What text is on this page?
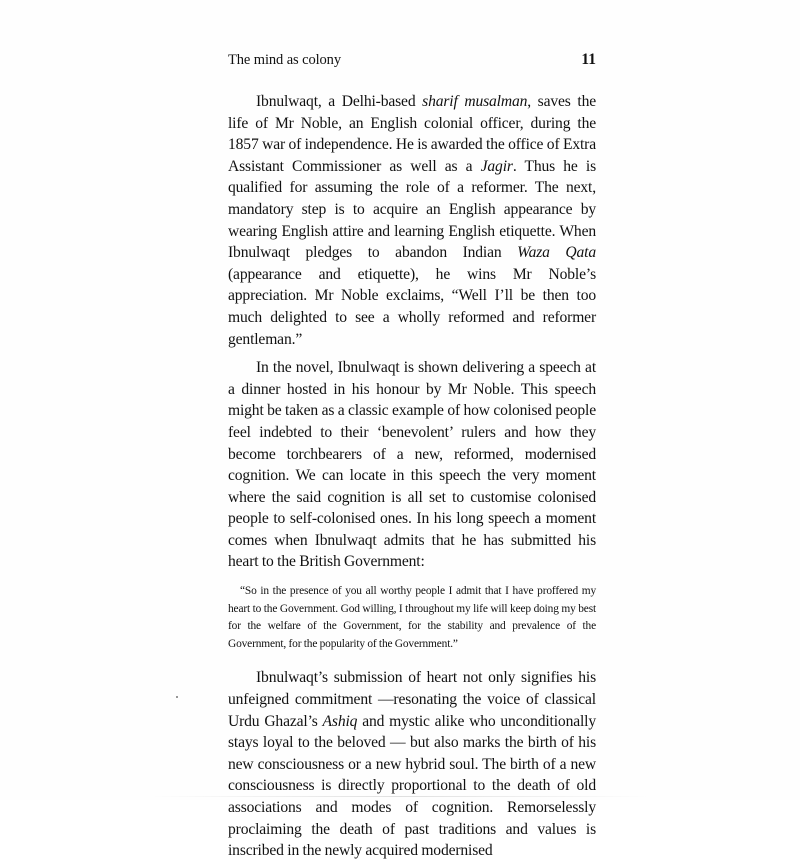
The mind as colony	11

Ibnulwaqt, a Delhi-based sharif musalman, saves the life of Mr Noble, an English colonial officer, during the 1857 war of independence. He is awarded the office of Extra Assistant Commissioner as well as a Jagir. Thus he is qualified for assuming the role of a reformer. The next, mandatory step is to acquire an English appearance by wearing English attire and learning English etiquette. When Ibnulwaqt pledges to abandon Indian Waza Qata (appearance and etiquette), he wins Mr Noble’s appreciation. Mr Noble exclaims, “Well I’ll be then too much delighted to see a wholly reformed and reformer gentleman.”

In the novel, Ibnulwaqt is shown delivering a speech at a dinner hosted in his honour by Mr Noble. This speech might be taken as a classic example of how colonised people feel indebted to their ‘benevolent’ rulers and how they become torchbearers of a new, reformed, modernised cognition. We can locate in this speech the very moment where the said cognition is all set to customise colonised people to self-colonised ones. In his long speech a moment comes when Ibnulwaqt admits that he has submitted his heart to the British Government:

“So in the presence of you all worthy people I admit that I have proffered my heart to the Government. God willing, I throughout my life will keep doing my best for the welfare of the Government, for the stability and prevalence of the Government, for the popularity of the Government.”

Ibnulwaqt’s submission of heart not only signifies his unfeigned commitment —resonating the voice of classical Urdu Ghazal’s Ashiq and mystic alike who unconditionally stays loyal to the beloved — but also marks the birth of his new consciousness or a new hybrid soul. The birth of a new consciousness is directly proportional to the death of old associations and modes of cognition. Remorselessly proclaiming the death of past traditions and values is inscribed in the newly acquired modernised
